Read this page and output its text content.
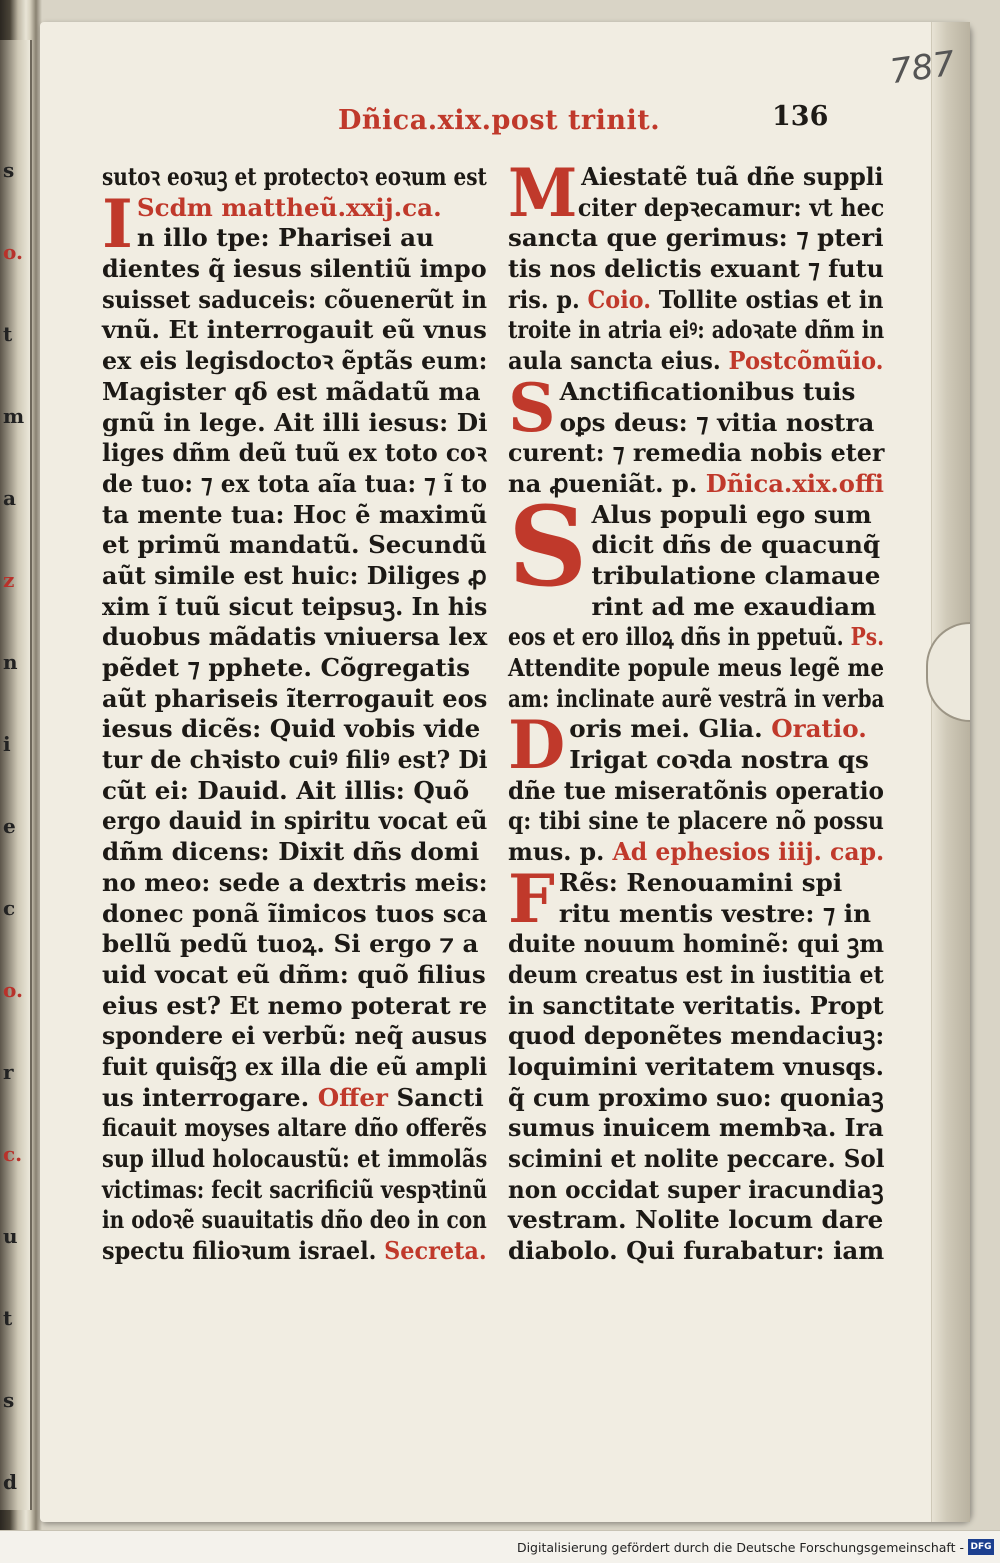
s
o.
t
m
a
z
n
i
e
c
o.
r
c.
u
t
s
d
787
Dñica.xix.post trinit.	136
sutoꝛ eoꝛuꝫ et protectoꝛ eoꝛum est
I Scdm mattheũ.xxij.ca.
n illo tpe: Pharisei au
dientes q̃ iesus silentiũ impo
suisset saduceis: cõuenerũt in
vnũ. Et interrogauit eũ vnus
ex eis legisdoctoꝛ ẽptãs eum:
Magister qδ est mãdatũ ma
gnũ in lege. Ait illi iesus: Di
liges dñm deũ tuũ ex toto coꝛ
de tuo: ⁊ ex tota aĩa tua: ⁊ ĩ to
ta mente tua: Hoc ẽ maximũ
et primũ mandatũ. Secundũ
aũt simile est huic: Diliges ꝓ
xim ĩ tuũ sicut teipsuꝫ. In his
duobus mãdatis vniuersa lex
pẽdet ⁊ pphete. Cõgregatis
aũt phariseis ĩterrogauit eos
iesus dicẽs: Quid vobis vide
tur de chꝛisto cuiꝰ filiꝰ est? Di
cũt ei: Dauid. Ait illis: Quõ
ergo dauid in spiritu vocat eũ
dñm dicens: Dixit dñs domi
no meo: sede a dextris meis:
donec ponã ĩimicos tuos sca
bellũ pedũ tuoꝝ. Si ergo ⁊ a
uid vocat eũ dñm: quõ filius
eius est? Et nemo poterat re
spondere ei verbũ: neq̃ ausus
fuit quisq̃ꝫ ex illa die eũ ampli
us interrogare. Offer Sancti
ficauit moyses altare dño offerẽs
sup illud holocaustũ: et immolãs
victimas: fecit sacrificiũ vespꝛtinũ
in odoꝛẽ suauitatis dño deo in con
spectu filioꝛum israel. Secreta.
M Aiestatẽ tuã dñe suppli
citer depꝛecamur: vt hec
sancta que gerimus: ⁊ pteri
tis nos delictis exuant ⁊ futu
ris. p. Coio. Tollite ostias et in
troite in atria eiꝰ: adoꝛate dñm in
aula sancta eius. Postcõmũio.
S Anctificationibus tuis
oꝑs deus: ⁊ vitia nostra
curent: ⁊ remedia nobis eter
na ꝓueniãt. p. Dñica.xix.offi
S Alus populi ego sum
dicit dñs de quacunq̃
tribulatione clamaue
rint ad me exaudiam
eos et ero illoꝝ dñs in ppetuũ. Ps.
Attendite popule meus legẽ me
am: inclinate aurẽ vestrã in verba
Doris mei. Glia. Oratio.
Irigat coꝛda nostra qs
dñe tue miseratõnis operatio
q: tibi sine te placere nõ possu
mus. p. Ad ephesios iiij. cap.
F Rẽs: Renouamini spi
ritu mentis vestre: ⁊ in
duite nouum hominẽ: qui ꝫm
deum creatus est in iustitia et
in sanctitate veritatis. Propt
quod deponẽtes mendaciuꝫ:
loquimini veritatem vnusqs.
q̃ cum proximo suo: quoniaꝫ
sumus inuicem membꝛa. Ira
scimini et nolite peccare. Sol
non occidat super iracundiaꝫ
vestram. Nolite locum dare
diabolo. Qui furabatur: iam
Digitalisierung gefördert durch die Deutsche Forschungsgemeinschaft - DFG
